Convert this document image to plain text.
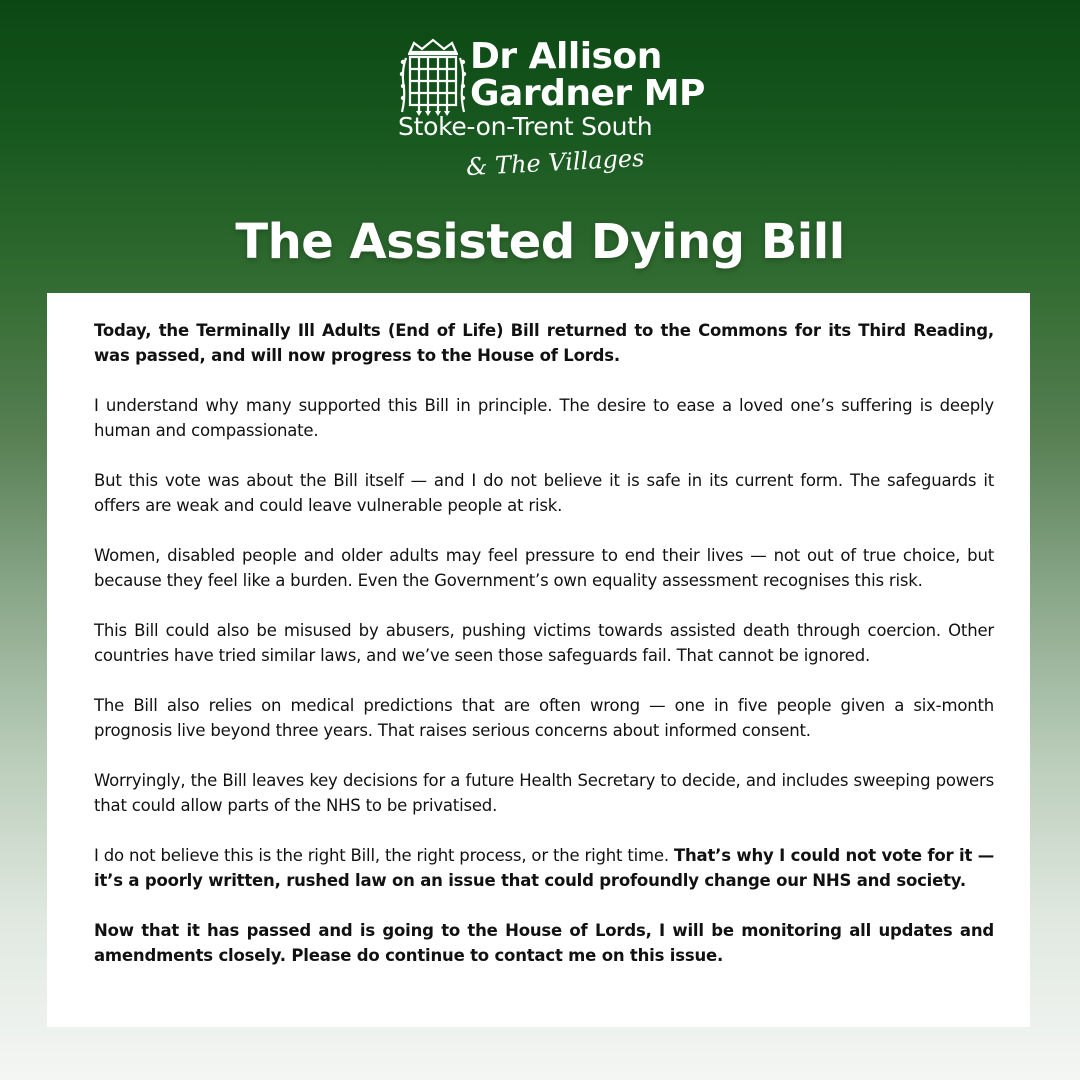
Dr Allison
Gardner MP
Stoke-on-Trent South
& The Villages
The Assisted Dying Bill

Today, the Terminally Ill Adults (End of Life) Bill returned to the Commons for its Third Reading, was passed, and will now progress to the House of Lords.

I understand why many supported this Bill in principle. The desire to ease a loved one’s suffering is deeply human and compassionate.

But this vote was about the Bill itself — and I do not believe it is safe in its current form. The safeguards it offers are weak and could leave vulnerable people at risk.

Women, disabled people and older adults may feel pressure to end their lives — not out of true choice, but because they feel like a burden. Even the Government’s own equality assessment recognises this risk.

This Bill could also be misused by abusers, pushing victims towards assisted death through coercion. Other countries have tried similar laws, and we’ve seen those safeguards fail. That cannot be ignored.

The Bill also relies on medical predictions that are often wrong — one in five people given a six-month prognosis live beyond three years. That raises serious concerns about informed consent.

Worryingly, the Bill leaves key decisions for a future Health Secretary to decide, and includes sweeping powers that could allow parts of the NHS to be privatised.

I do not believe this is the right Bill, the right process, or the right time. That’s why I could not vote for it — it’s a poorly written, rushed law on an issue that could profoundly change our NHS and society.

Now that it has passed and is going to the House of Lords, I will be monitoring all updates and amendments closely. Please do continue to contact me on this issue.
